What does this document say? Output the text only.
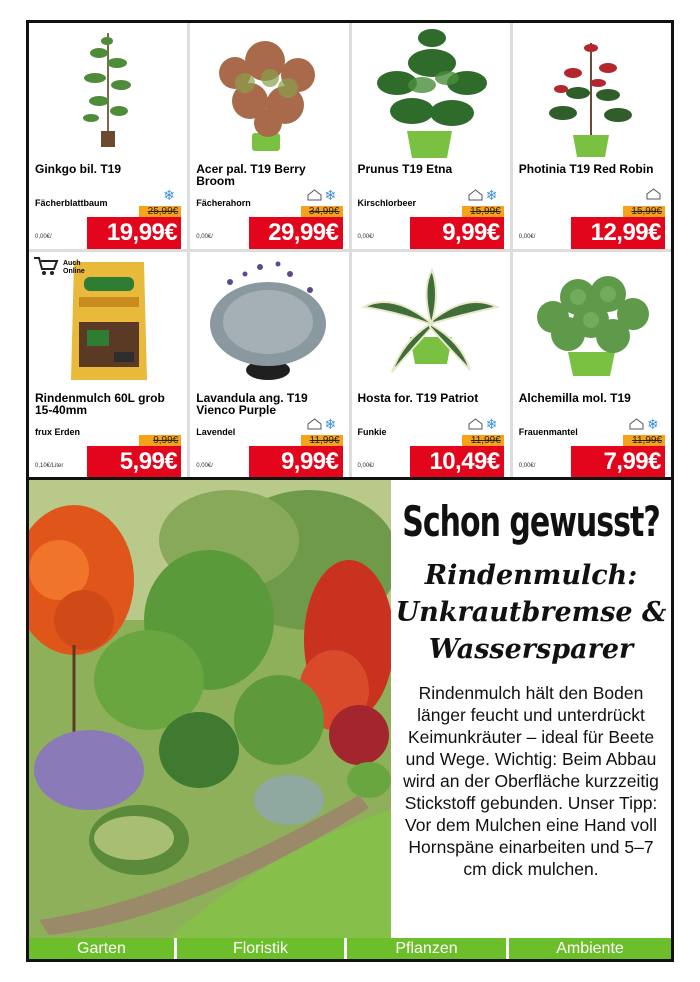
Ginkgo bil. T19
Fächerblattbaum	❄
25,99€
19,99€
0,00€/
Acer pal. T19 Berry Broom
Fächerahorn	❄
34,99€
29,99€
0,00€/
Prunus T19 Etna
Kirschlorbeer	❄
15,99€
9,99€
0,00€/
Photinia T19 Red Robin
15,99€
12,99€
0,00€/
Rindenmulch 60L grob 15-40mm
frux Erden
Auch Online
9,99€
5,99€
0,10€/Liter
Lavandula ang. T19 Vienco Purple
Lavendel	❄
11,99€
9,99€
0,00€/
Hosta for. T19 Patriot
Funkie	❄
11,99€
10,49€
0,00€/
Alchemilla mol. T19
Frauenmantel	❄
11,99€
7,99€
0,00€/
Schon gewusst?
Rindenmulch:
Unkrautbremse &
Wassersparer
Rindenmulch hält den Boden länger feucht und unterdrückt Keimunkräuter – ideal für Beete und Wege. Wichtig: Beim Abbau wird an der Oberfläche kurzzeitig Stickstoff gebunden. Unser Tipp: Vor dem Mulchen eine Hand voll Hornspäne einarbeiten und 5–7 cm dick mulchen.
Garten	Floristik	Pflanzen	Ambiente
